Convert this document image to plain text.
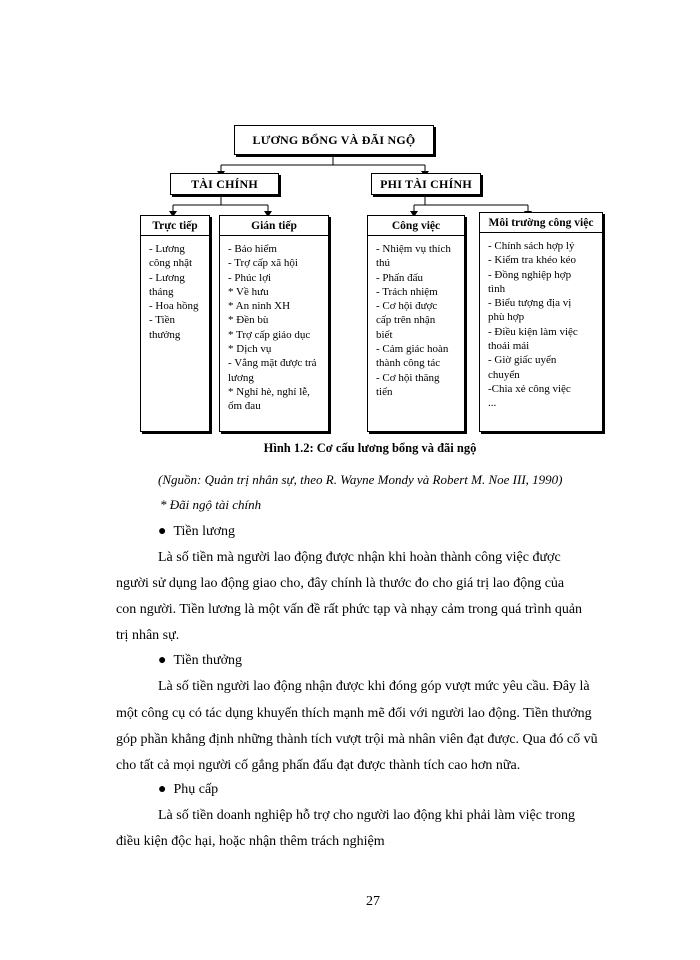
LƯƠNG BỔNG VÀ ĐÃI NGỘ
TÀI CHÍNH	PHI TÀI CHÍNH
Trực tiếp
- Lương
công nhật
- Lương
tháng
- Hoa hồng
- Tiền
thưởng
Gián tiếp
- Bảo hiểm
- Trợ cấp xã hội
- Phúc lợi
* Về hưu
* An ninh XH
* Đền bù
* Trợ cấp giáo dục
* Dịch vụ
- Vắng mặt được trả
lương
* Nghỉ hè, nghỉ lễ,
ốm đau
Công việc
- Nhiệm vụ thích
thú
- Phấn đấu
- Trách nhiệm
- Cơ hội được
cấp trên nhận
biết
- Cảm giác hoàn
thành công tác
- Cơ hội thăng
tiến
Môi trường công việc
- Chính sách hợp lý
- Kiểm tra khéo kéo
- Đồng nghiệp hợp
tình
- Biểu tượng địa vị
phù hợp
- Điều kiện làm việc
thoải mái
- Giờ giấc uyển
chuyển
-Chia xẻ công việc
...
Hình 1.2: Cơ cấu lương bổng và đãi ngộ
(Nguồn: Quản trị nhân sự, theo R. Wayne Mondy và Robert M. Noe III, 1990)
* Đãi ngộ tài chính
● Tiền lương
Là số tiền mà người lao động được nhận khi hoàn thành công việc được
người sử dụng lao động giao cho, đây chính là thước đo cho giá trị lao động của
con người. Tiền lương là một vấn đề rất phức tạp và nhạy cảm trong quá trình quản
trị nhân sự.
● Tiền thưởng
Là số tiền người lao động nhận được khi đóng góp vượt mức yêu cầu. Đây là
một công cụ có tác dụng khuyến thích mạnh mẽ đối với người lao động. Tiền thưởng
góp phần khẳng định những thành tích vượt trội mà nhân viên đạt được. Qua đó cổ vũ
cho tất cả mọi người cố gắng phấn đấu đạt được thành tích cao hơn nữa.
● Phụ cấp
Là số tiền doanh nghiệp hỗ trợ cho người lao động khi phải làm việc trong
điều kiện độc hại, hoặc nhận thêm trách nghiệm
27
